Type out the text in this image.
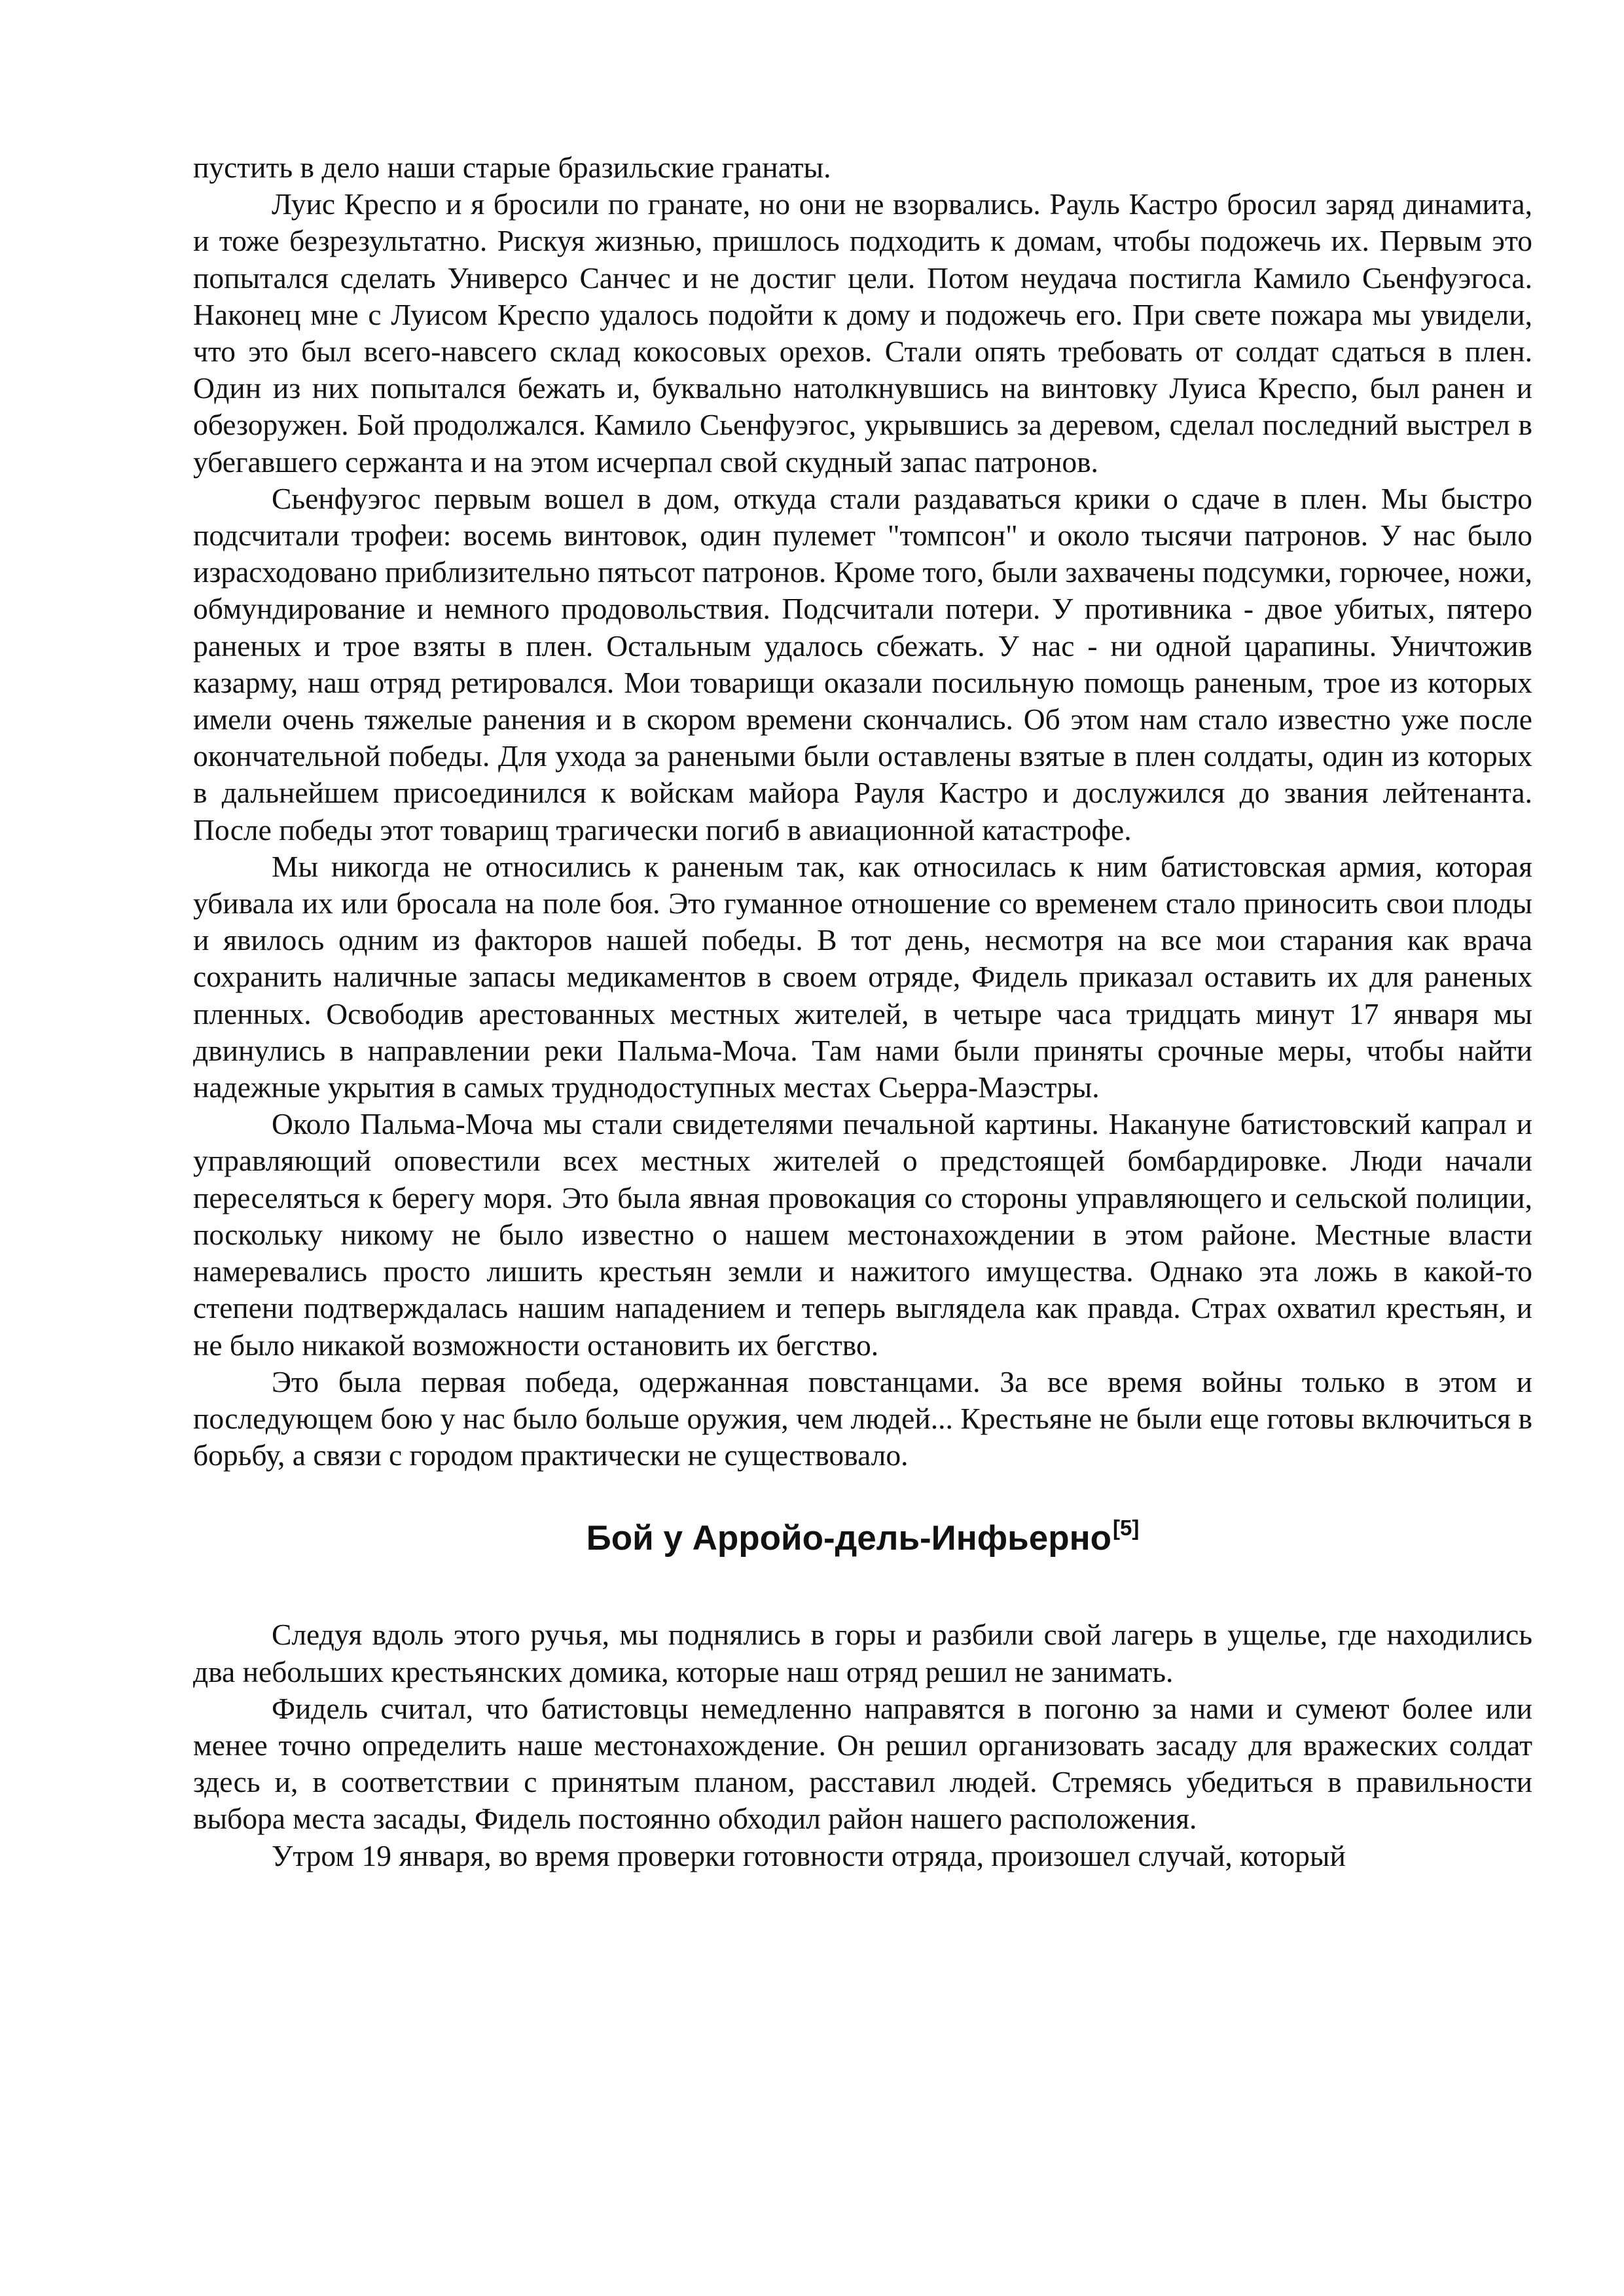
пустить в дело наши старые бразильские гранаты.

Луис Креспо и я бросили по гранате, но они не взорвались. Рауль Кастро бросил заряд динамита, и тоже безрезультатно. Рискуя жизнью, пришлось подходить к домам, чтобы подожечь их. Первым это попытался сделать Универсо Санчес и не достиг цели. Потом неудача постигла Камило Сьенфуэгоса. Наконец мне с Луисом Креспо удалось подойти к дому и подожечь его. При свете пожара мы увидели, что это был всего-навсего склад кокосовых орехов. Стали опять требовать от солдат сдаться в плен. Один из них попытался бежать и, буквально натолкнувшись на винтовку Луиса Креспо, был ранен и обезоружен. Бой продолжался. Камило Сьенфуэгос, укрывшись за деревом, сделал последний выстрел в убегавшего сержанта и на этом исчерпал свой скудный запас патронов.

Сьенфуэгос первым вошел в дом, откуда стали раздаваться крики о сдаче в плен. Мы быстро подсчитали трофеи: восемь винтовок, один пулемет "томпсон" и около тысячи патронов. У нас было израсходовано приблизительно пятьсот патронов. Кроме того, были захвачены подсумки, горючее, ножи, обмундирование и немного продовольствия. Подсчитали потери. У противника - двое убитых, пятеро раненых и трое взяты в плен. Остальным удалось сбежать. У нас - ни одной царапины. Уничтожив казарму, наш отряд ретировался. Мои товарищи оказали посильную помощь раненым, трое из которых имели очень тяжелые ранения и в скором времени скончались. Об этом нам стало известно уже после окончательной победы. Для ухода за ранеными были оставлены взятые в плен солдаты, один из которых в дальнейшем присоединился к войскам майора Рауля Кастро и дослужился до звания лейтенанта. После победы этот товарищ трагически погиб в авиационной катастрофе.

Мы никогда не относились к раненым так, как относилась к ним батистовская армия, которая убивала их или бросала на поле боя. Это гуманное отношение со временем стало приносить свои плоды и явилось одним из факторов нашей победы. В тот день, несмотря на все мои старания как врача сохранить наличные запасы медикаментов в своем отряде, Фидель приказал оставить их для раненых пленных. Освободив арестованных местных жителей, в четыре часа тридцать минут 17 января мы двинулись в направлении реки Пальма-Моча. Там нами были приняты срочные меры, чтобы найти надежные укрытия в самых труднодоступных местах Сьерра-Маэстры.

Около Пальма-Моча мы стали свидетелями печальной картины. Накануне батистовский капрал и управляющий оповестили всех местных жителей о предстоящей бомбардировке. Люди начали переселяться к берегу моря. Это была явная провокация со стороны управляющего и сельской полиции, поскольку никому не было известно о нашем местонахождении в этом районе. Местные власти намеревались просто лишить крестьян земли и нажитого имущества. Однако эта ложь в какой-то степени подтверждалась нашим нападением и теперь выглядела как правда. Страх охватил крестьян, и не было никакой возможности остановить их бегство.

Это была первая победа, одержанная повстанцами. За все время войны только в этом и последующем бою у нас было больше оружия, чем людей... Крестьяне не были еще готовы включиться в борьбу, а связи с городом практически не существовало.

Бой у Арройо-дель-Инфьерно[5]

Следуя вдоль этого ручья, мы поднялись в горы и разбили свой лагерь в ущелье, где находились два небольших крестьянских домика, которые наш отряд решил не занимать.

Фидель считал, что батистовцы немедленно направятся в погоню за нами и сумеют более или менее точно определить наше местонахождение. Он решил организовать засаду для вражеских солдат здесь и, в соответствии с принятым планом, расставил людей. Стремясь убедиться в правильности выбора места засады, Фидель постоянно обходил район нашего расположения.

Утром 19 января, во время проверки готовности отряда, произошел случай, который
